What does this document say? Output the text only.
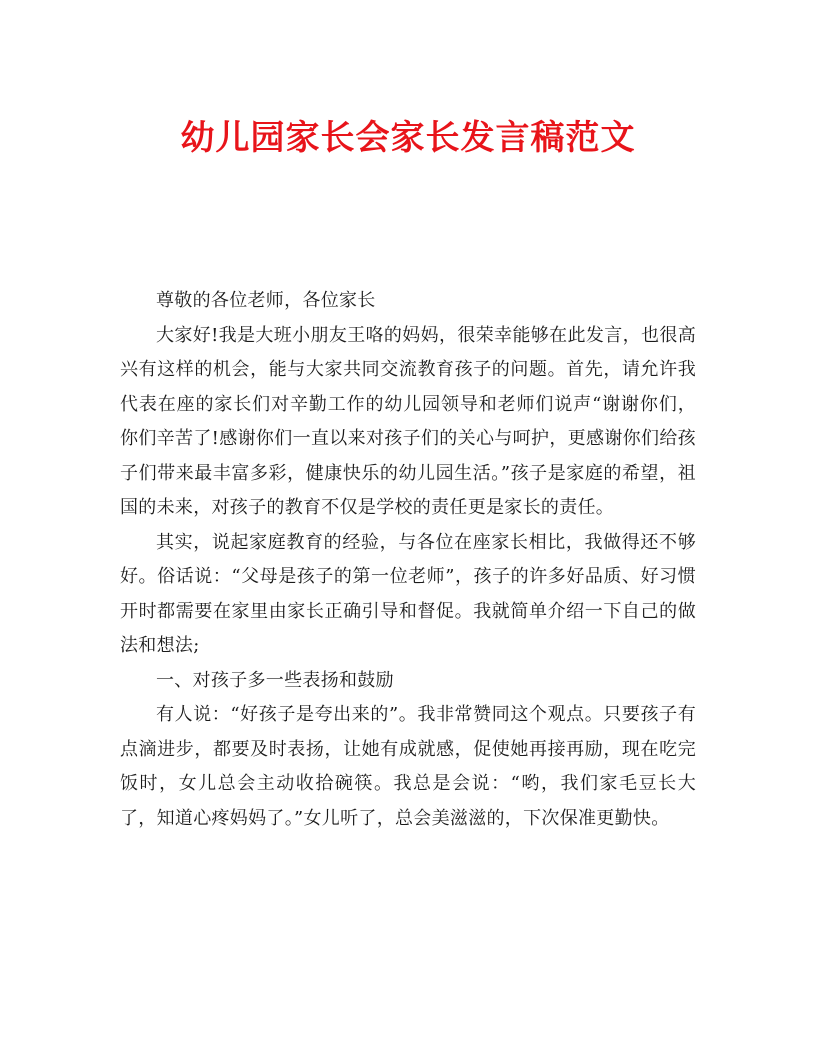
幼儿园家长会家长发言稿范文

尊敬的各位老师，各位家长

大家好!我是大班小朋友王咯的妈妈，很荣幸能够在此发言，也很高兴有这样的机会，能与大家共同交流教育孩子的问题。首先，请允许我代表在座的家长们对辛勤工作的幼儿园领导和老师们说声“谢谢你们，你们辛苦了!感谢你们一直以来对孩子们的关心与呵护，更感谢你们给孩子们带来最丰富多彩，健康快乐的幼儿园生活。”孩子是家庭的希望，祖国的未来，对孩子的教育不仅是学校的责任更是家长的责任。

其实，说起家庭教育的经验，与各位在座家长相比，我做得还不够好。俗话说：“父母是孩子的第一位老师”，孩子的许多好品质、好习惯开时都需要在家里由家长正确引导和督促。我就简单介绍一下自己的做法和想法;

一、对孩子多一些表扬和鼓励

有人说：“好孩子是夸出来的”。我非常赞同这个观点。只要孩子有点滴进步，都要及时表扬，让她有成就感，促使她再接再励，现在吃完饭时，女儿总会主动收拾碗筷。我总是会说：“哟，我们家毛豆长大了，知道心疼妈妈了。”女儿听了，总会美滋滋的，下次保准更勤快。
